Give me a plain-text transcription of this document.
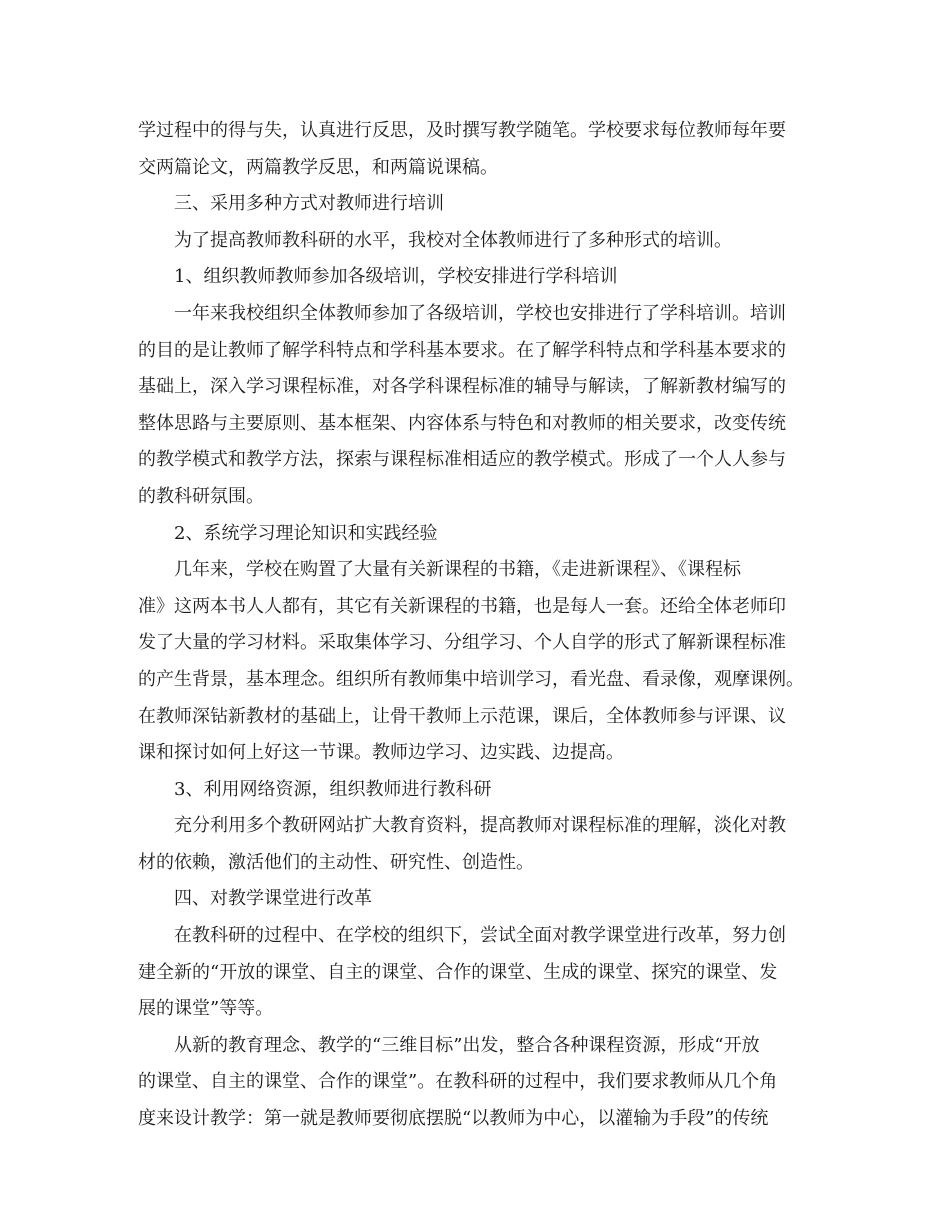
学过程中的得与失，认真进行反思，及时撰写教学随笔。学校要求每位教师每年要
交两篇论文，两篇教学反思，和两篇说课稿。
三、采用多种方式对教师进行培训
为了提高教师教科研的水平，我校对全体教师进行了多种形式的培训。
1、组织教师教师参加各级培训，学校安排进行学科培训
一年来我校组织全体教师参加了各级培训，学校也安排进行了学科培训。培训
的目的是让教师了解学科特点和学科基本要求。在了解学科特点和学科基本要求的
基础上，深入学习课程标准，对各学科课程标准的辅导与解读，了解新教材编写的
整体思路与主要原则、基本框架、内容体系与特色和对教师的相关要求，改变传统
的教学模式和教学方法，探索与课程标准相适应的教学模式。形成了一个人人参与
的教科研氛围。
2、系统学习理论知识和实践经验
几年来，学校在购置了大量有关新课程的书籍，《走进新课程》、《课程标
准》这两本书人人都有，其它有关新课程的书籍，也是每人一套。还给全体老师印
发了大量的学习材料。采取集体学习、分组学习、个人自学的形式了解新课程标准
的产生背景，基本理念。组织所有教师集中培训学习，看光盘、看录像，观摩课例。
在教师深钻新教材的基础上，让骨干教师上示范课，课后，全体教师参与评课、议
课和探讨如何上好这一节课。教师边学习、边实践、边提高。
3、利用网络资源，组织教师进行教科研
充分利用多个教研网站扩大教育资料，提高教师对课程标准的理解，淡化对教
材的依赖，激活他们的主动性、研究性、创造性。
四、对教学课堂进行改革
在教科研的过程中、在学校的组织下，尝试全面对教学课堂进行改革，努力创
建全新的“开放的课堂、自主的课堂、合作的课堂、生成的课堂、探究的课堂、发
展的课堂”等等。
从新的教育理念、教学的“三维目标”出发，整合各种课程资源，形成“开放
的课堂、自主的课堂、合作的课堂”。在教科研的过程中，我们要求教师从几个角
度来设计教学：第一就是教师要彻底摆脱“以教师为中心，以灌输为手段”的传统
